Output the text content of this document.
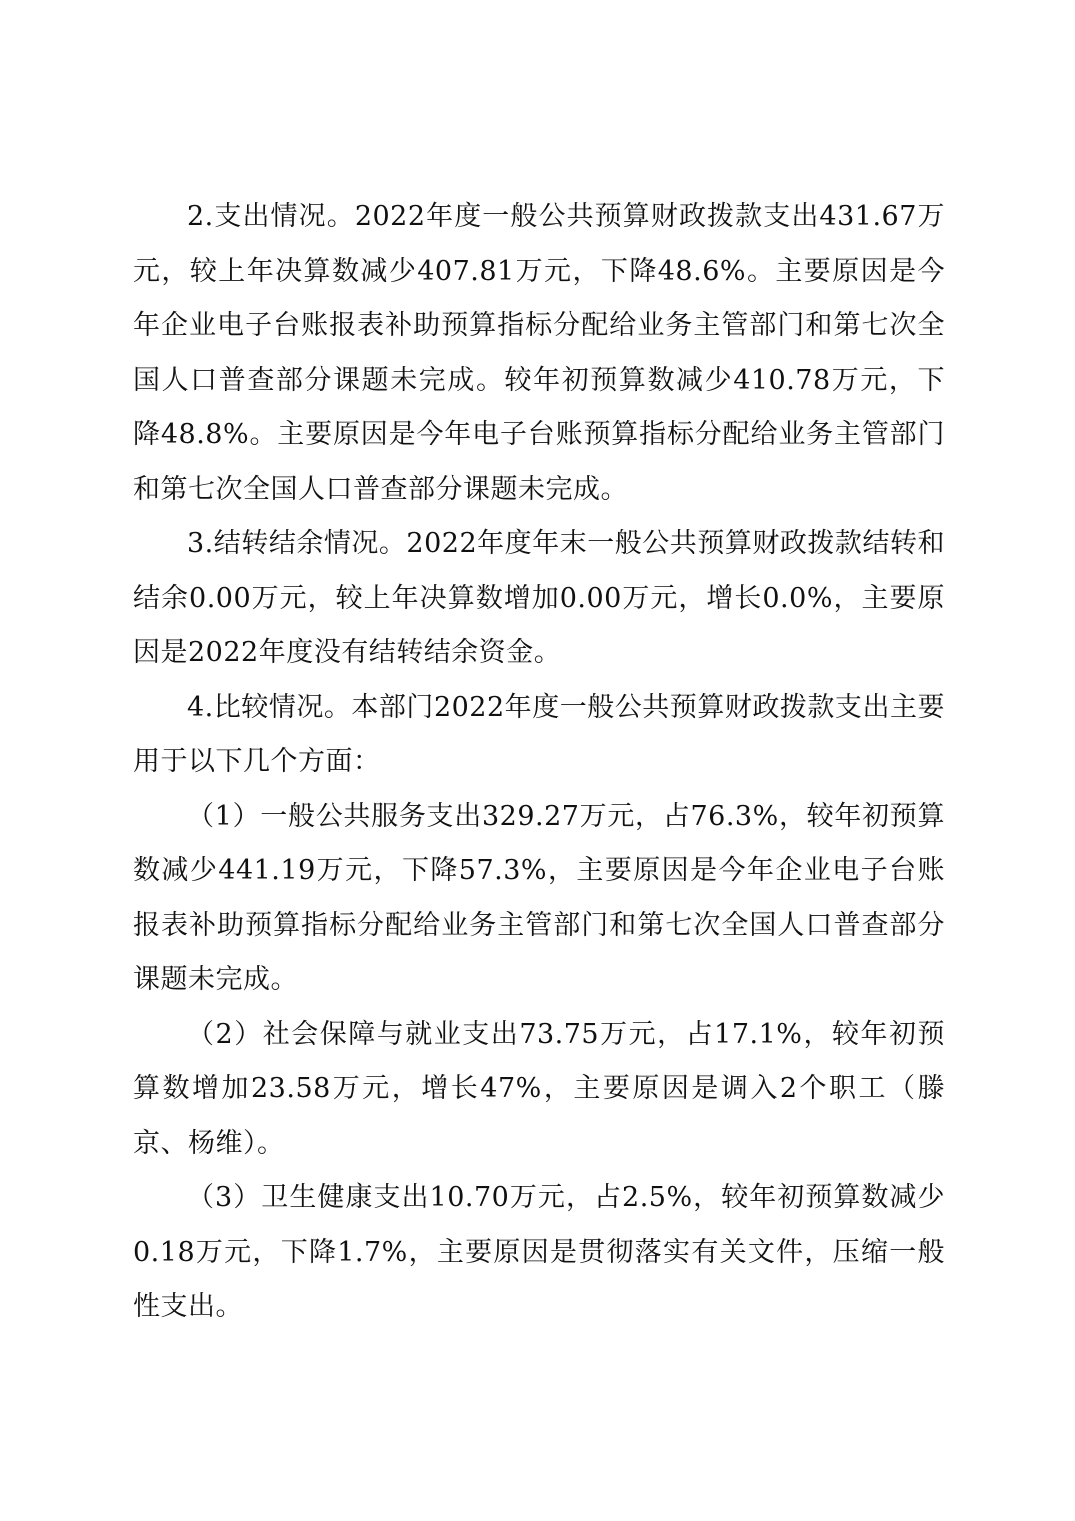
2.支出情况。2022年度一般公共预算财政拨款支出431.67万元，较上年决算数减少407.81万元，下降48.6%。主要原因是今年企业电子台账报表补助预算指标分配给业务主管部门和第七次全国人口普查部分课题未完成。较年初预算数减少410.78万元，下降48.8%。主要原因是今年电子台账预算指标分配给业务主管部门和第七次全国人口普查部分课题未完成。

3.结转结余情况。2022年度年末一般公共预算财政拨款结转和结余0.00万元，较上年决算数增加0.00万元，增长0.0%，主要原因是2022年度没有结转结余资金。

4.比较情况。本部门2022年度一般公共预算财政拨款支出主要用于以下几个方面：

（1）一般公共服务支出329.27万元，占76.3%，较年初预算数减少441.19万元，下降57.3%，主要原因是今年企业电子台账报表补助预算指标分配给业务主管部门和第七次全国人口普查部分课题未完成。

（2）社会保障与就业支出73.75万元，占17.1%，较年初预算数增加23.58万元，增长47%，主要原因是调入2个职工（滕京、杨维）。

（3）卫生健康支出10.70万元，占2.5%，较年初预算数减少0.18万元，下降1.7%，主要原因是贯彻落实有关文件，压缩一般性支出。
